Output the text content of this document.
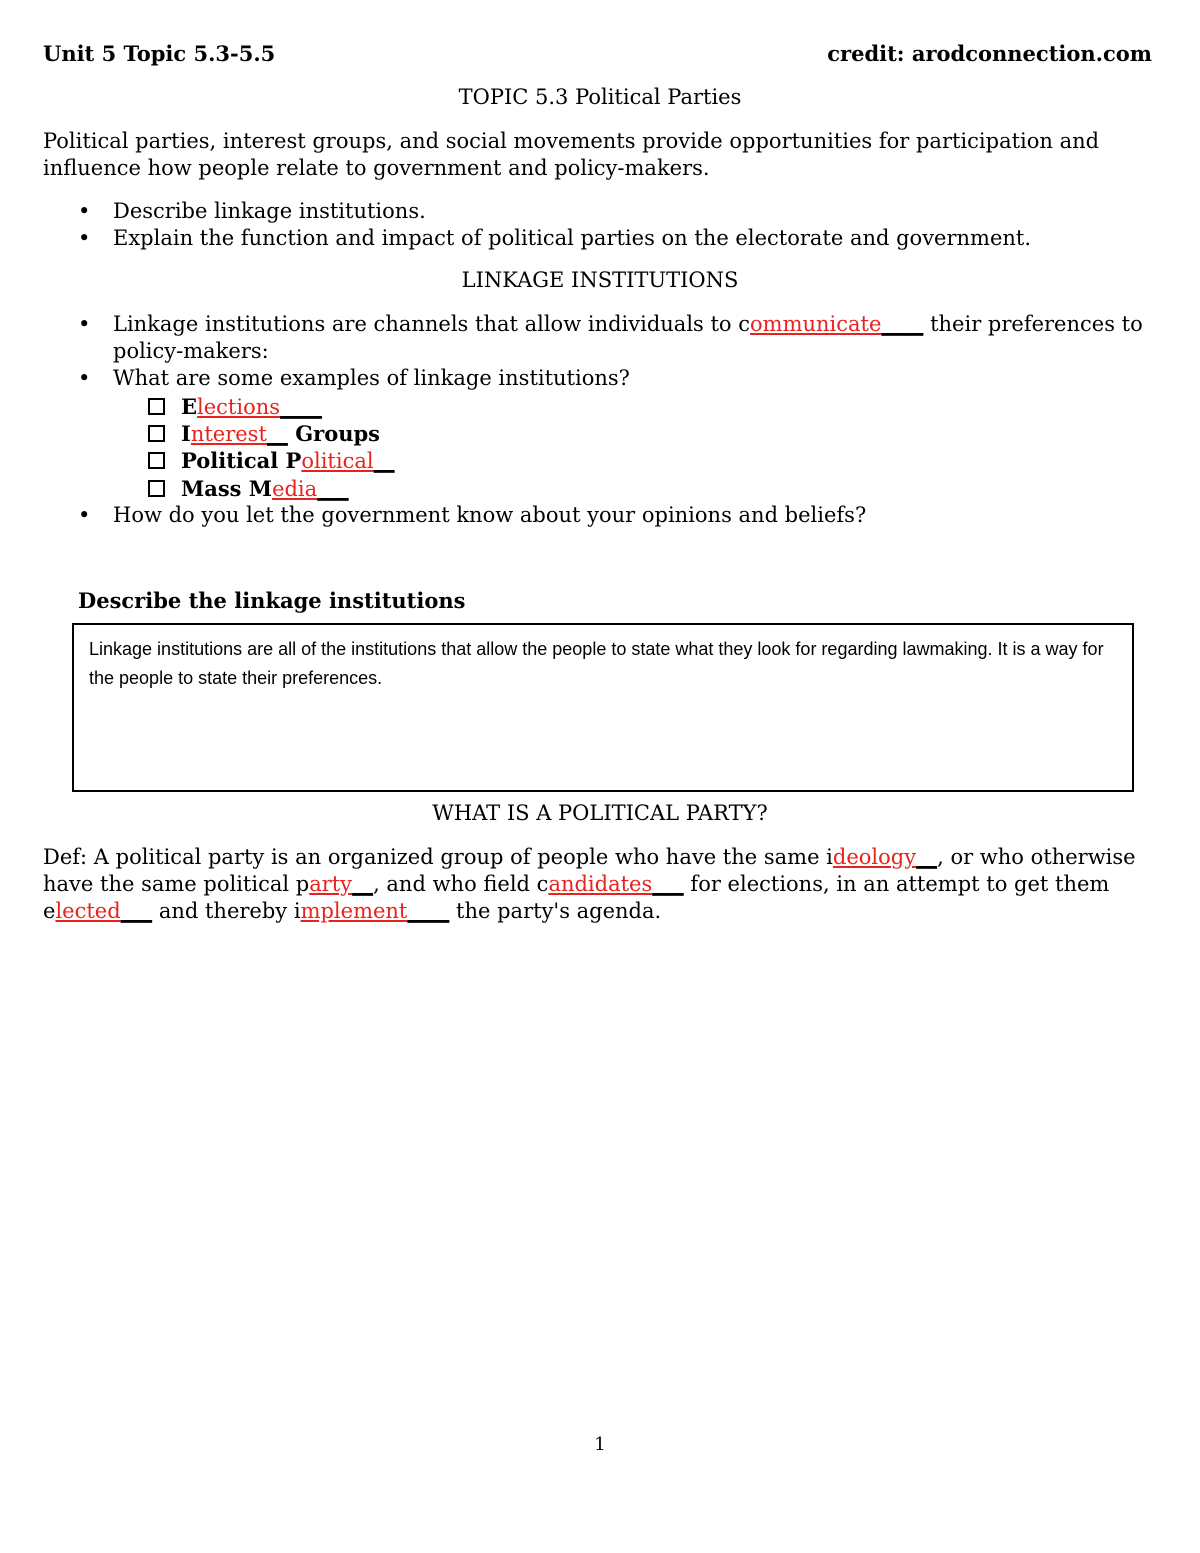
Unit 5 Topic 5.3-5.5	credit: arodconnection.com
TOPIC 5.3 Political Parties
Political parties, interest groups, and social movements provide opportunities for participation and influence how people relate to government and policy-makers.
• Describe linkage institutions.
• Explain the function and impact of political parties on the electorate and government.
LINKAGE INSTITUTIONS
• Linkage institutions are channels that allow individuals to communicate____ their preferences to policy-makers:
• What are some examples of linkage institutions?
Elections____
Interest__ Groups
Political Political__
Mass Media___
• How do you let the government know about your opinions and beliefs?
Describe the linkage institutions
Linkage institutions are all of the institutions that allow the people to state what they look for regarding lawmaking. It is a way for the people to state their preferences.
WHAT IS A POLITICAL PARTY?
Def: A political party is an organized group of people who have the same ideology__, or who otherwise have the same political party__, and who field candidates___ for elections, in an attempt to get them elected___ and thereby implement____ the party's agenda.
1
